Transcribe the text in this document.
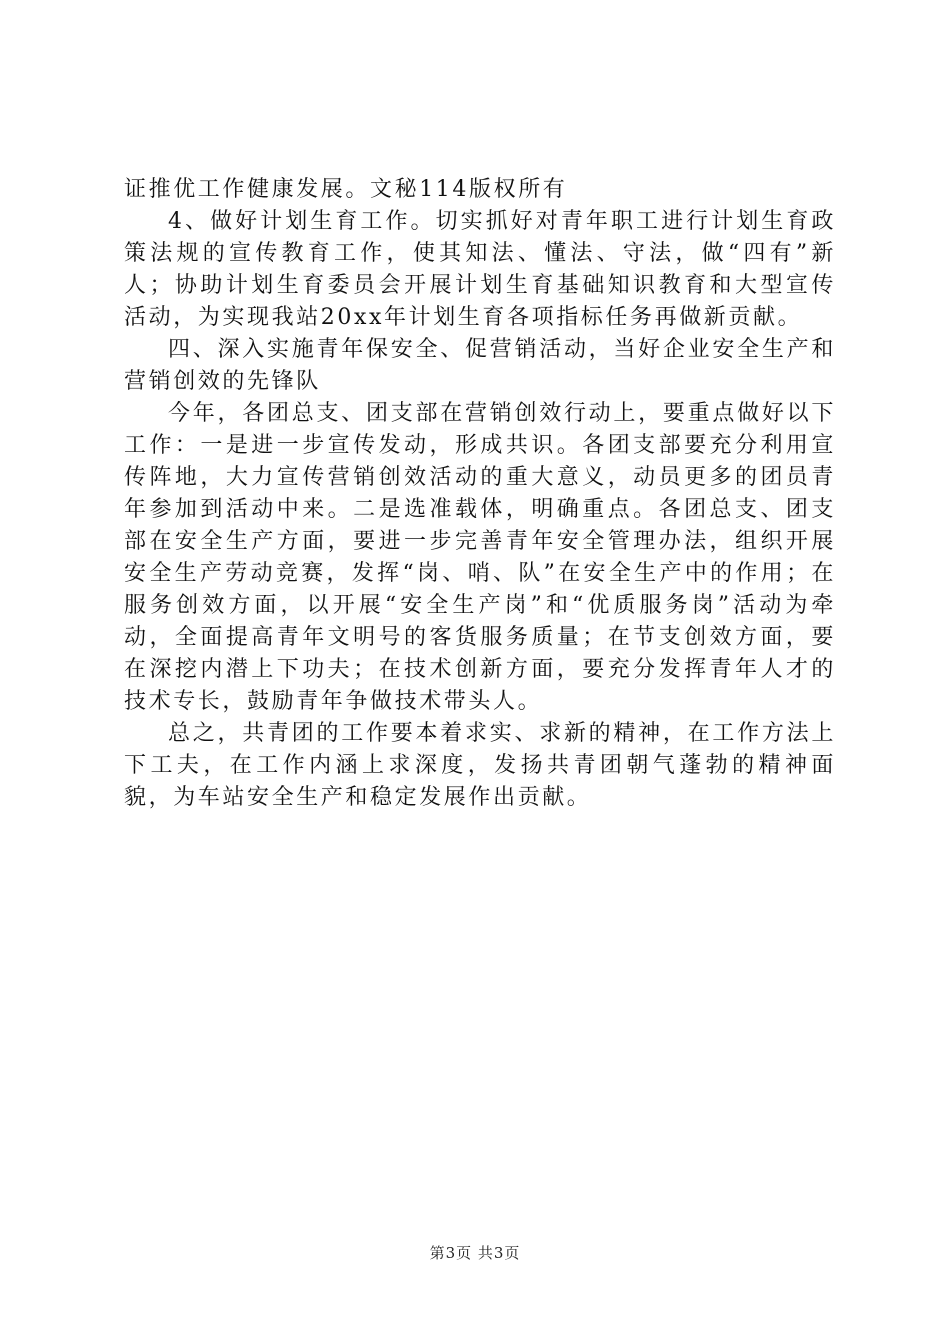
证推优工作健康发展。文秘114版权所有

4、做好计划生育工作。切实抓好对青年职工进行计划生育政策法规的宣传教育工作，使其知法、懂法、守法，做“四有”新人；协助计划生育委员会开展计划生育基础知识教育和大型宣传活动，为实现我站20xx年计划生育各项指标任务再做新贡献。

四、深入实施青年保安全、促营销活动，当好企业安全生产和营销创效的先锋队

今年，各团总支、团支部在营销创效行动上，要重点做好以下工作：一是进一步宣传发动，形成共识。各团支部要充分利用宣传阵地，大力宣传营销创效活动的重大意义，动员更多的团员青年参加到活动中来。二是选准载体，明确重点。各团总支、团支部在安全生产方面，要进一步完善青年安全管理办法，组织开展安全生产劳动竞赛，发挥“岗、哨、队”在安全生产中的作用；在服务创效方面，以开展“安全生产岗”和“优质服务岗”活动为牵动，全面提高青年文明号的客货服务质量；在节支创效方面，要在深挖内潜上下功夫；在技术创新方面，要充分发挥青年人才的技术专长，鼓励青年争做技术带头人。

总之，共青团的工作要本着求实、求新的精神，在工作方法上下工夫，在工作内涵上求深度，发扬共青团朝气蓬勃的精神面貌，为车站安全生产和稳定发展作出贡献。

第3页 共3页
